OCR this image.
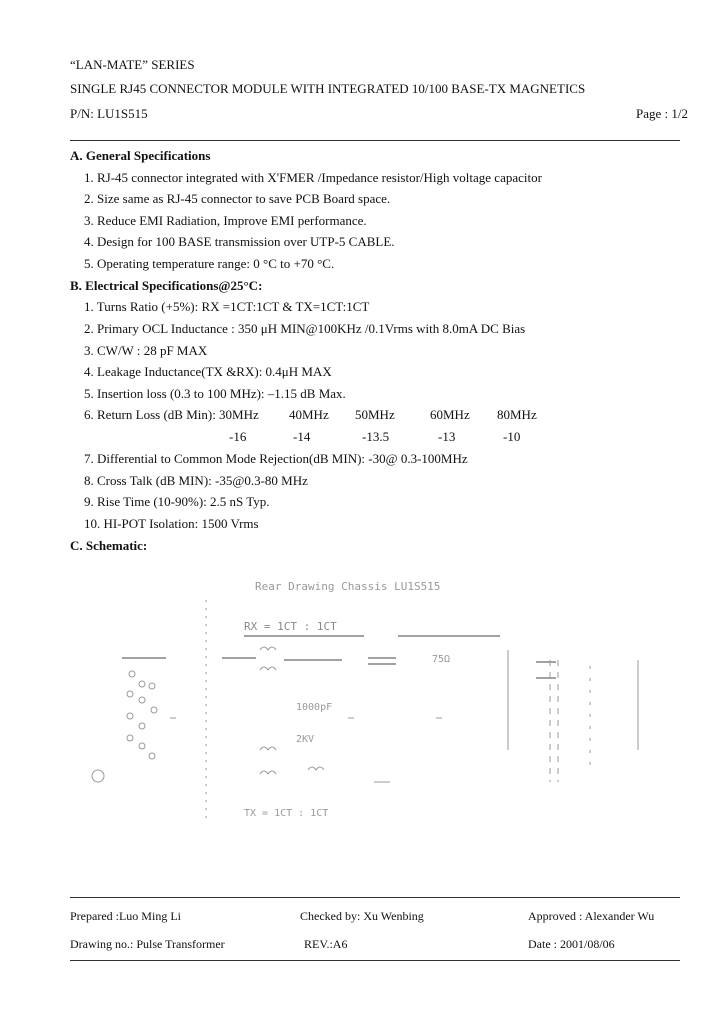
“LAN-MATE” SERIES
SINGLE RJ45 CONNECTOR MODULE WITH INTEGRATED 10/100 BASE-TX MAGNETICS
P/N: LU1S515	Page : 1/2
A. General Specifications
1. RJ-45 connector integrated with X'FMER /Impedance resistor/High voltage capacitor
2. Size same as RJ-45 connector to save PCB Board space.
3. Reduce EMI Radiation, Improve EMI performance.
4. Design for 100 BASE transmission over UTP-5 CABLE.
5. Operating temperature range: 0 °C to +70 °C.
B. Electrical Specifications@25°C:
1. Turns Ratio (+5%): RX =1CT:1CT & TX=1CT:1CT
2. Primary OCL Inductance : 350 μH MIN@100KHz /0.1Vrms with 8.0mA DC Bias
3. CW/W : 28 pF MAX
4. Leakage Inductance(TX &RX): 0.4μH MAX
5. Insertion loss (0.3 to 100 MHz): –1.15 dB Max.
6. Return Loss (dB Min): 30MHz 40MHz 50MHz	60MHz 80MHz
-16	-14	-13.5	-13	-10
7. Differential to Common Mode Rejection(dB MIN): -30@ 0.3-100MHz
8. Cross Talk (dB MIN): -35@0.3-80 MHz
9. Rise Time (10-90%): 2.5 nS Typ.
10. HI-POT Isolation: 1500 Vrms
C. Schematic:
Rear Drawing Chassis LU1S515
RX = 1CT : 1CT
1000pF
2KV
75Ω
TX = 1CT : 1CT
Prepared :Luo Ming Li	Checked by: Xu Wenbing	Approved : Alexander Wu
Drawing no.: Pulse Transformer	REV.:A6	Date : 2001/08/06
